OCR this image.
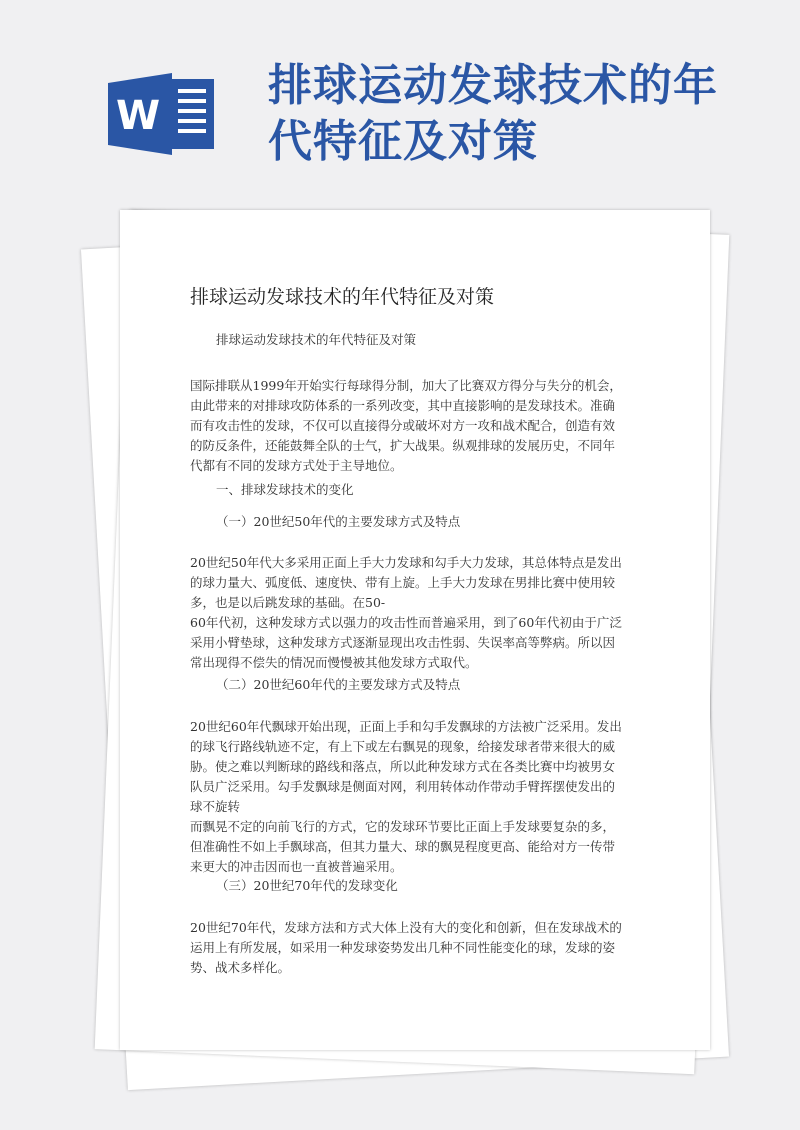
W
排球运动发球技术的年
代特征及对策
排球运动发球技术的年代特征及对策
排球运动发球技术的年代特征及对策
国际排联从1999年开始实行每球得分制，加大了比赛双方得分与失分的机会，
由此带来的对排球攻防体系的一系列改变，其中直接影响的是发球技术。准确
而有攻击性的发球，不仅可以直接得分或破坏对方一攻和战术配合，创造有效
的防反条件，还能鼓舞全队的士气，扩大战果。纵观排球的发展历史，不同年
代都有不同的发球方式处于主导地位。
一、排球发球技术的变化
（一）20世纪50年代的主要发球方式及特点
20世纪50年代大多采用正面上手大力发球和勾手大力发球，其总体特点是发出
的球力量大、弧度低、速度快、带有上旋。上手大力发球在男排比赛中使用较
多，也是以后跳发球的基础。在50-
60年代初，这种发球方式以强力的攻击性而普遍采用，到了60年代初由于广泛
采用小臂垫球，这种发球方式逐渐显现出攻击性弱、失误率高等弊病。所以因
常出现得不偿失的情况而慢慢被其他发球方式取代。
（二）20世纪60年代的主要发球方式及特点
20世纪60年代飘球开始出现，正面上手和勾手发飘球的方法被广泛采用。发出
的球飞行路线轨迹不定，有上下或左右飘晃的现象，给接发球者带来很大的威
胁。使之难以判断球的路线和落点，所以此种发球方式在各类比赛中均被男女
队员广泛采用。勾手发飘球是侧面对网，利用转体动作带动手臂挥摆使发出的
球不旋转
而飘晃不定的向前飞行的方式，它的发球环节要比正面上手发球要复杂的多，
但准确性不如上手飘球高，但其力量大、球的飘晃程度更高、能给对方一传带
来更大的冲击因而也一直被普遍采用。
（三）20世纪70年代的发球变化
20世纪70年代，发球方法和方式大体上没有大的变化和创新，但在发球战术的
运用上有所发展，如采用一种发球姿势发出几种不同性能变化的球，发球的姿
势、战术多样化。
